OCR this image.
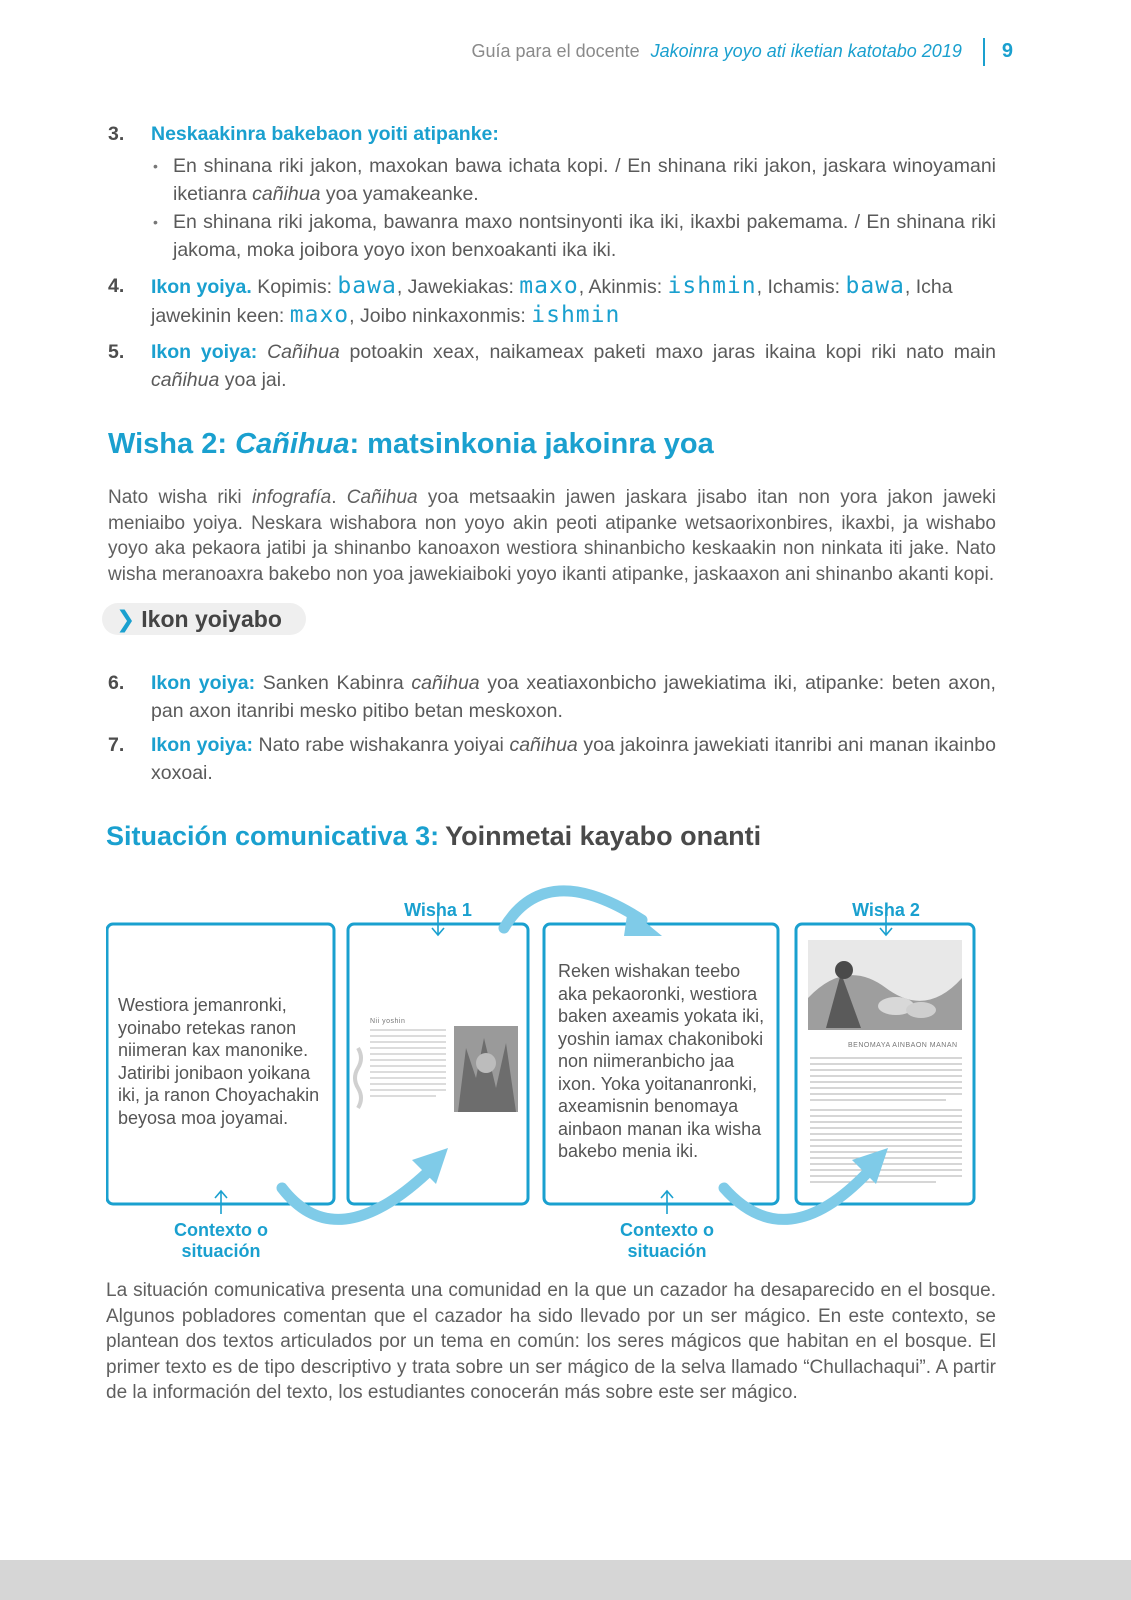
Guía para el docente Jakoinra yoyo ati iketian katotabo 2019 9
3. Neskaakinra bakebaon yoiti atipanke:
• En shinana riki jakon, maxokan bawa ichata kopi. / En shinana riki jakon, jaskara winoyamani iketianra cañihua yoa yamakeanke.
• En shinana riki jakoma, bawanra maxo nontsinyonti ika iki, ikaxbi pakemama. / En shinana riki jakoma, moka joibora yoyo ixon benxoakanti ika iki.
4. Ikon yoiya. Kopimis: bawa, Jawekiakas: maxo, Akinmis: ishmin, Ichamis: bawa, Icha jawekinin keen: maxo, Joibo ninkaxonmis: ishmin
5. Ikon yoiya: Cañihua potoakin xeax, naikameax paketi maxo jaras ikaina kopi riki nato main cañihua yoa jai.
Wisha 2: Cañihua: matsinkonia jakoinra yoa

Nato wisha riki infografía. Cañihua yoa metsaakin jawen jaskara jisabo itan non yora jakon jaweki meniaibo yoiya. Neskara wishabora non yoyo akin peoti atipanke wetsaorixonbires, ikaxbi, ja wishabo yoyo aka pekaora jatibi ja shinanbo kanoaxon westiora shinanbicho keskaakin non ninkata iti jake. Nato wisha meranoaxra bakebo non yoa jawekiaiboki yoyo ikanti atipanke, jaskaaxon ani shinanbo akanti kopi.

❯ Ikon yoiyabo
6. Ikon yoiya: Sanken Kabinra cañihua yoa xeatiaxonbicho jawekiatima iki, atipanke: beten axon, pan axon itanribi mesko pitibo betan meskoxon.
7. Ikon yoiya: Nato rabe wishakanra yoiyai cañihua yoa jakoinra jawekiati itanribi ani manan ikainbo xoxoai.
Situación comunicativa 3: Yoinmetai kayabo onanti
Wisha 1	Wisha 2
Westiora jemanronki, yoinabo retekas ranon niimeran kax manonike. Jatiribi jonibaon yoikana iki, ja ranon Choyachakin beyosa moa joyamai.
Reken wishakan teebo aka pekaoronki, westiora baken axeamis yokata iki, yoshin iamax chakoniboki non niimeranbicho jaa ixon. Yoka yoitananronki, axeamisnin benomaya ainbaon manan ika wisha bakebo menia iki.
Nii yoshin
BENOMAYA AINBAON MANAN
Contexto o situación
Contexto o situación

La situación comunicativa presenta una comunidad en la que un cazador ha desaparecido en el bosque. Algunos pobladores comentan que el cazador ha sido llevado por un ser mágico. En este contexto, se plantean dos textos articulados por un tema en común: los seres mágicos que habitan en el bosque. El primer texto es de tipo descriptivo y trata sobre un ser mágico de la selva llamado “Chullachaqui”. A partir de la información del texto, los estudiantes conocerán más sobre este ser mágico.
